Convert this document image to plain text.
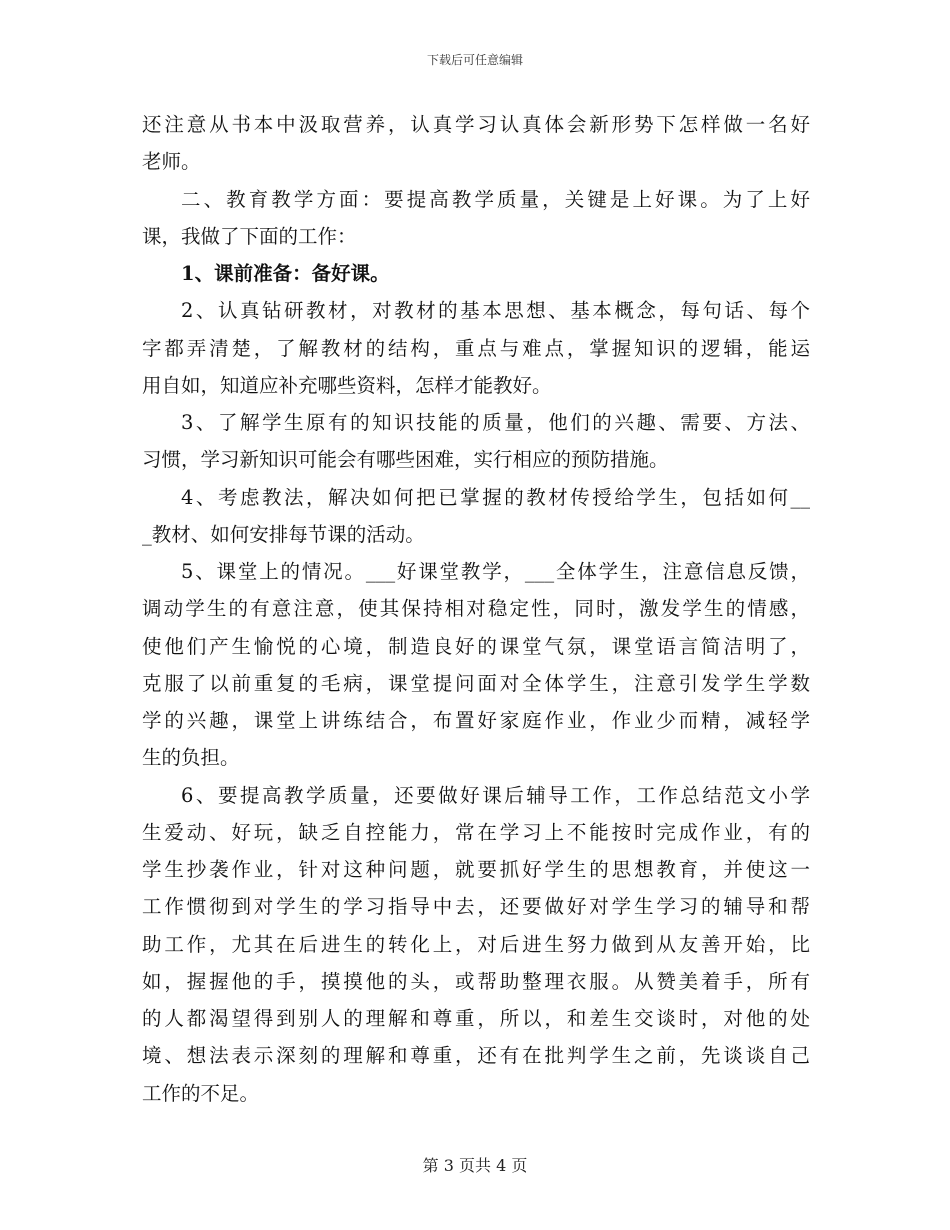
下载后可任意编辑
还注意从书本中汲取营养，认真学习认真体会新形势下怎样做一名好
老师。
二、教育教学方面：要提高教学质量，关键是上好课。为了上好
课，我做了下面的工作：
1、课前准备：备好课。
2、认真钻研教材，对教材的基本思想、基本概念，每句话、每个
字都弄清楚，了解教材的结构，重点与难点，掌握知识的逻辑，能运
用自如，知道应补充哪些资料，怎样才能教好。
3、了解学生原有的知识技能的质量，他们的兴趣、需要、方法、
习惯，学习新知识可能会有哪些困难，实行相应的预防措施。
4、考虑教法，解决如何把已掌握的教材传授给学生，包括如何__
_教材、如何安排每节课的活动。
5、课堂上的情况。___好课堂教学，___全体学生，注意信息反馈，
调动学生的有意注意，使其保持相对稳定性，同时，激发学生的情感，
使他们产生愉悦的心境，制造良好的课堂气氛，课堂语言简洁明了，
克服了以前重复的毛病，课堂提问面对全体学生，注意引发学生学数
学的兴趣，课堂上讲练结合，布置好家庭作业，作业少而精，减轻学
生的负担。
6、要提高教学质量，还要做好课后辅导工作，工作总结范文小学
生爱动、好玩，缺乏自控能力，常在学习上不能按时完成作业，有的
学生抄袭作业，针对这种问题，就要抓好学生的思想教育，并使这一
工作惯彻到对学生的学习指导中去，还要做好对学生学习的辅导和帮
助工作，尤其在后进生的转化上，对后进生努力做到从友善开始，比
如，握握他的手，摸摸他的头，或帮助整理衣服。从赞美着手，所有
的人都渴望得到别人的理解和尊重，所以，和差生交谈时，对他的处
境、想法表示深刻的理解和尊重，还有在批判学生之前，先谈谈自己
工作的不足。
第 3 页共 4 页
